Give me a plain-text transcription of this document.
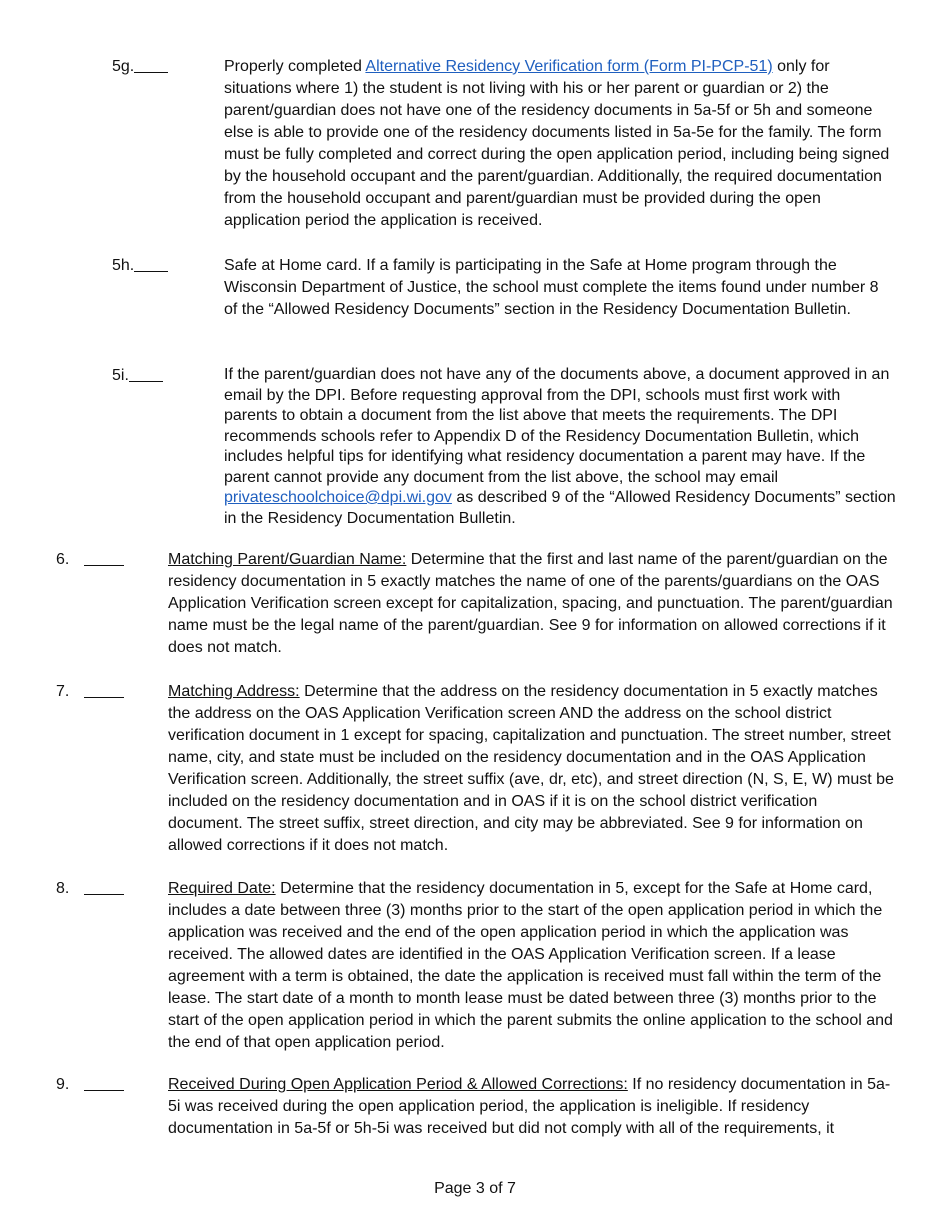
5g.	Properly completed Alternative Residency Verification form (Form PI-PCP-51) only for situations where 1) the student is not living with his or her parent or guardian or 2) the parent/guardian does not have one of the residency documents in 5a-5f or 5h and someone else is able to provide one of the residency documents listed in 5a-5e for the family. The form must be fully completed and correct during the open application period, including being signed by the household occupant and the parent/guardian. Additionally, the required documentation from the household occupant and parent/guardian must be provided during the open application period the application is received.
5h.	Safe at Home card. If a family is participating in the Safe at Home program through the Wisconsin Department of Justice, the school must complete the items found under number 8 of the “Allowed Residency Documents” section in the Residency Documentation Bulletin.
5i.	If the parent/guardian does not have any of the documents above, a document approved in an email by the DPI. Before requesting approval from the DPI, schools must first work with parents to obtain a document from the list above that meets the requirements. The DPI recommends schools refer to Appendix D of the Residency Documentation Bulletin, which includes helpful tips for identifying what residency documentation a parent may have. If the parent cannot provide any document from the list above, the school may email privateschoolchoice@dpi.wi.gov as described 9 of the “Allowed Residency Documents” section in the Residency Documentation Bulletin.
6.	Matching Parent/Guardian Name: Determine that the first and last name of the parent/guardian on the residency documentation in 5 exactly matches the name of one of the parents/guardians on the OAS Application Verification screen except for capitalization, spacing, and punctuation. The parent/guardian name must be the legal name of the parent/guardian. See 9 for information on allowed corrections if it does not match.
7.	Matching Address: Determine that the address on the residency documentation in 5 exactly matches the address on the OAS Application Verification screen AND the address on the school district verification document in 1 except for spacing, capitalization and punctuation. The street number, street name, city, and state must be included on the residency documentation and in the OAS Application Verification screen. Additionally, the street suffix (ave, dr, etc), and street direction (N, S, E, W) must be included on the residency documentation and in OAS if it is on the school district verification document. The street suffix, street direction, and city may be abbreviated. See 9 for information on allowed corrections if it does not match.
8.	Required Date: Determine that the residency documentation in 5, except for the Safe at Home card, includes a date between three (3) months prior to the start of the open application period in which the application was received and the end of the open application period in which the application was received. The allowed dates are identified in the OAS Application Verification screen. If a lease agreement with a term is obtained, the date the application is received must fall within the term of the lease. The start date of a month to month lease must be dated between three (3) months prior to the start of the open application period in which the parent submits the online application to the school and the end of that open application period.
9.	Received During Open Application Period & Allowed Corrections: If no residency documentation in 5a-5i was received during the open application period, the application is ineligible. If residency documentation in 5a-5f or 5h-5i was received but did not comply with all of the requirements, it
Page 3 of 7
